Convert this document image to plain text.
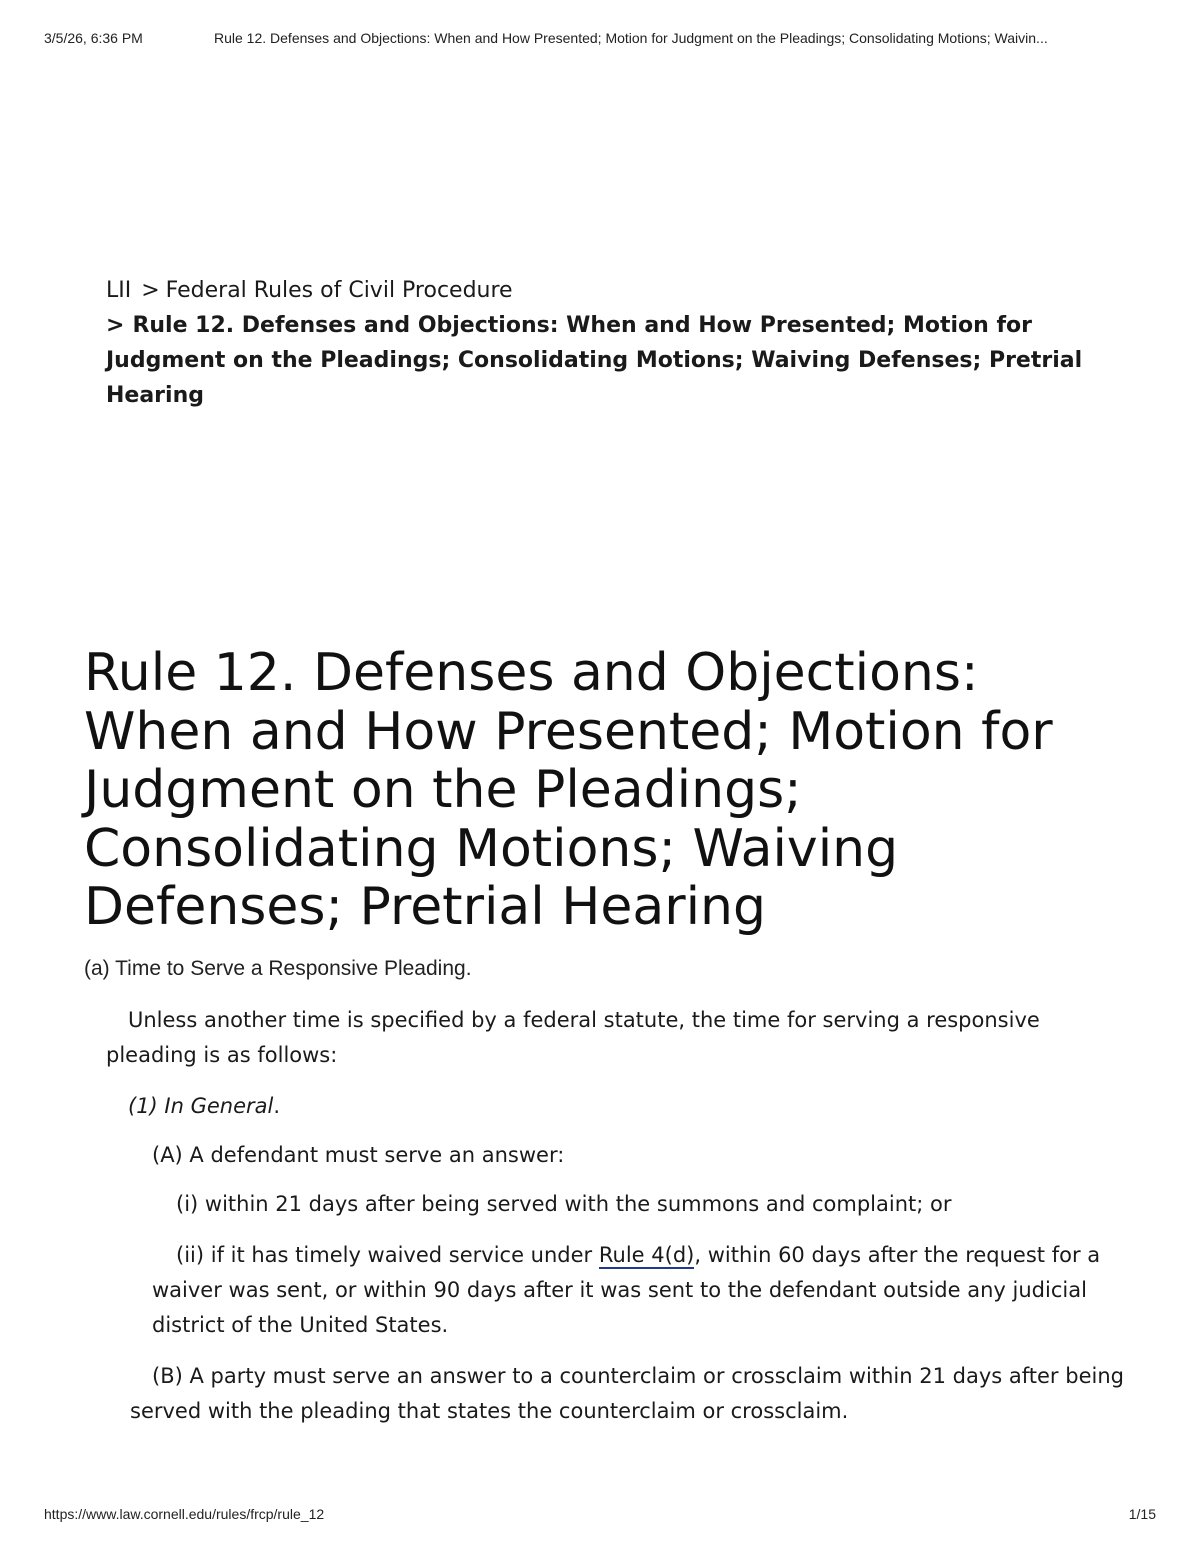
3/5/26, 6:36 PM	Rule 12. Defenses and Objections: When and How Presented; Motion for Judgment on the Pleadings; Consolidating Motions; Waivin...
LII > Federal Rules of Civil Procedure
> Rule 12. Defenses and Objections: When and How Presented; Motion for Judgment on the Pleadings; Consolidating Motions; Waiving Defenses; Pretrial Hearing
Rule 12. Defenses and Objections: When and How Presented; Motion for Judgment on the Pleadings; Consolidating Motions; Waiving Defenses; Pretrial Hearing
(a) Time to Serve a Responsive Pleading.

Unless another time is specified by a federal statute, the time for serving a responsive pleading is as follows:

(1) In General.

(A) A defendant must serve an answer:

(i) within 21 days after being served with the summons and complaint; or

(ii) if it has timely waived service under Rule 4(d), within 60 days after the request for a waiver was sent, or within 90 days after it was sent to the defendant outside any judicial district of the United States.

(B) A party must serve an answer to a counterclaim or crossclaim within 21 days after being served with the pleading that states the counterclaim or crossclaim.

https://www.law.cornell.edu/rules/frcp/rule_12	1/15
